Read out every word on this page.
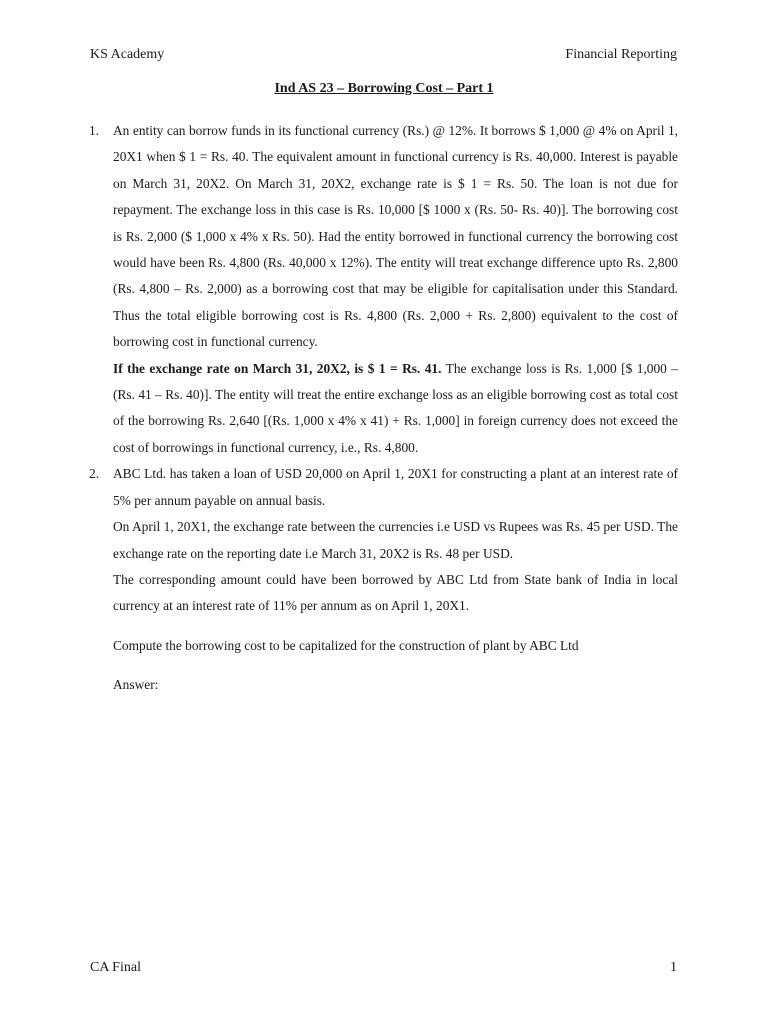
KS Academy	Financial Reporting
Ind AS 23 – Borrowing Cost – Part 1
1. An entity can borrow funds in its functional currency (Rs.) @ 12%. It borrows $ 1,000 @ 4% on April 1, 20X1 when $ 1 = Rs. 40. The equivalent amount in functional currency is Rs. 40,000. Interest is payable on March 31, 20X2. On March 31, 20X2, exchange rate is $ 1 = Rs. 50. The loan is not due for repayment. The exchange loss in this case is Rs. 10,000 [$ 1000 x (Rs. 50- Rs. 40)]. The borrowing cost is Rs. 2,000 ($ 1,000 x 4% x Rs. 50). Had the entity borrowed in functional currency the borrowing cost would have been Rs. 4,800 (Rs. 40,000 x 12%). The entity will treat exchange difference upto Rs. 2,800 (Rs. 4,800 – Rs. 2,000) as a borrowing cost that may be eligible for capitalisation under this Standard. Thus the total eligible borrowing cost is Rs. 4,800 (Rs. 2,000 + Rs. 2,800) equivalent to the cost of borrowing cost in functional currency.

If the exchange rate on March 31, 20X2, is $ 1 = Rs. 41. The exchange loss is Rs. 1,000 [$ 1,000 – (Rs. 41 – Rs. 40)]. The entity will treat the entire exchange loss as an eligible borrowing cost as total cost of the borrowing Rs. 2,640 [(Rs. 1,000 x 4% x 41) + Rs. 1,000] in foreign currency does not exceed the cost of borrowings in functional currency, i.e., Rs. 4,800.

2. ABC Ltd. has taken a loan of USD 20,000 on April 1, 20X1 for constructing a plant at an interest rate of 5% per annum payable on annual basis.

On April 1, 20X1, the exchange rate between the currencies i.e USD vs Rupees was Rs. 45 per USD. The exchange rate on the reporting date i.e March 31, 20X2 is Rs. 48 per USD.

The corresponding amount could have been borrowed by ABC Ltd from State bank of India in local currency at an interest rate of 11% per annum as on April 1, 20X1.

Compute the borrowing cost to be capitalized for the construction of plant by ABC Ltd

Answer:

CA Final	1
